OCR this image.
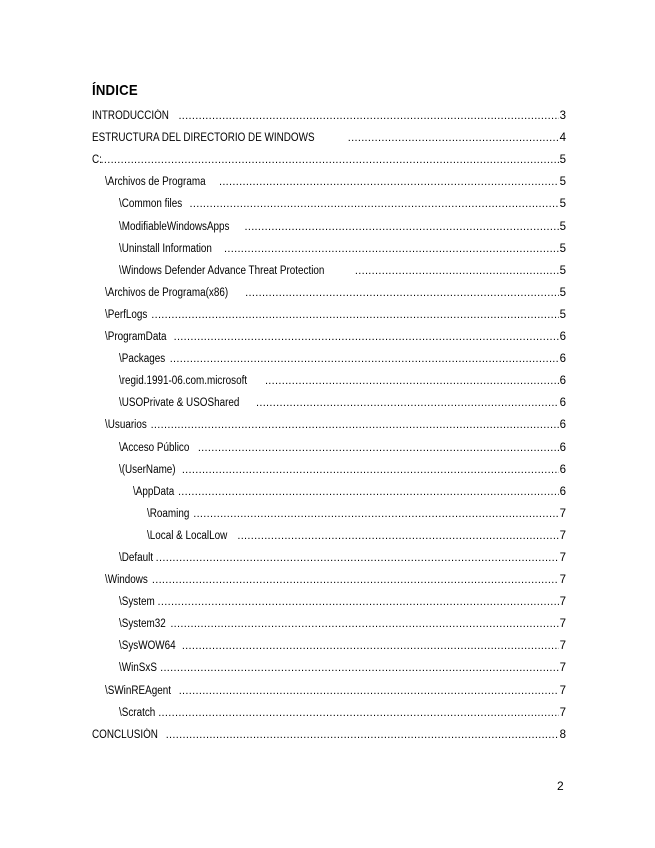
ÍNDICE
INTRODUCCIÓN .....	3
ESTRUCTURA DEL DIRECTORIO DE WINDOWS .....	4
C: .....	5
\Archivos de Programa .....	5
\Common files .....	5
\ModifiableWindowsApps .....	5
\Uninstall Information .....	5
\Windows Defender Advance Threat Protection .....	5
\Archivos de Programa(x86) .....	5
\PerfLogs .....	5
\ProgramData .....	6
\Packages .....	6
\regid.1991-06.com.microsoft .....	6
\USOPrivate & USOShared .....	6
\Usuarios .....	6
\Acceso Público .....	6
\(UserName) .....	6
\AppData .....	6
\Roaming .....	7
\Local & LocalLow .....	7
\Default .....	7
\Windows .....	7
\System .....	7
\System32 .....	7
\SysWOW64 .....	7
\WinSxS .....	7
\SWinREAgent .....	7
\Scratch .....	7
CONCLUSIÓN .....	8
2
